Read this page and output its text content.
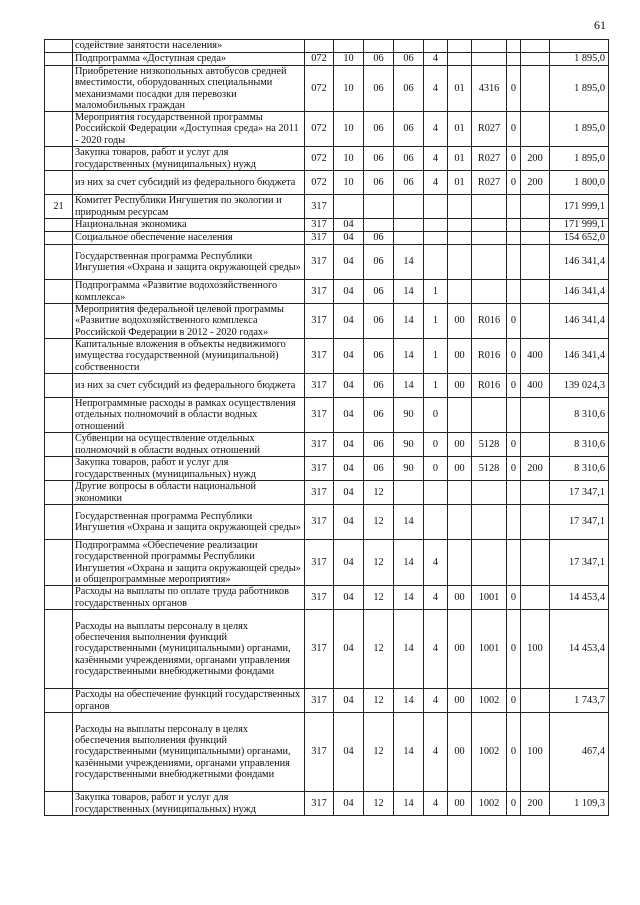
61
	содействие занятости населения»										
	Подпрограмма «Доступная среда»	072	10	06	06	4					1 895,0
	Приобретение низкопольных автобусов средней вместимости, оборудованных специальными механизмами посадки для перевозки маломобильных граждан	072	10	06	06	4	01	4316	0		1 895,0
	Мероприятия государственной программы Российской Федерации «Доступная среда» на 2011 - 2020 годы	072	10	06	06	4	01	R027	0		1 895,0
	Закупка товаров, работ и услуг для государственных (муниципальных) нужд	072	10	06	06	4	01	R027	0	200	1 895,0
	из них за счет субсидий из федерального бюджета	072	10	06	06	4	01	R027	0	200	1 800,0
21	Комитет Республики Ингушетия по экологии и природным ресурсам	317									171 999,1
	Национальная экономика	317	04								171 999,1
	Социальное обеспечение населения	317	04	06							154 652,0
	Государственная программа Республики Ингушетия «Охрана и защита окружающей среды»	317	04	06	14						146 341,4
	Подпрограмма «Развитие водохозяйственного комплекса»	317	04	06	14	1					146 341,4
	Мероприятия федеральной целевой программы «Развитие водохозяйственного комплекса Российской Федерации в 2012 - 2020 годах»	317	04	06	14	1	00	R016	0		146 341,4
	Капитальные вложения в объекты недвижимого имущества государственной (муниципальной) собственности	317	04	06	14	1	00	R016	0	400	146 341,4
	из них за счет субсидий из федерального бюджета	317	04	06	14	1	00	R016	0	400	139 024,3
	Непрограммные расходы в рамках осуществления отдельных полномочий в области водных отношений	317	04	06	90	0					8 310,6
	Субвенции на осуществление отдельных полномочий в области водных отношений	317	04	06	90	0	00	5128	0		8 310,6
	Закупка товаров, работ и услуг для государственных (муниципальных) нужд	317	04	06	90	0	00	5128	0	200	8 310,6
	Другие вопросы в области национальной экономики	317	04	12							17 347,1
	Государственная программа Республики Ингушетия «Охрана и защита окружающей среды»	317	04	12	14						17 347,1
	Подпрограмма «Обеспечение реализации государственной программы Республики Ингушетия «Охрана и защита окружающей среды» и общепрограммные мероприятия»	317	04	12	14	4					17 347,1
	Расходы на выплаты по оплате труда работников государственных органов	317	04	12	14	4	00	1001	0		14 453,4
	Расходы на выплаты персоналу в целях обеспечения выполнения функций государственными (муниципальными) органами, казёнными учреждениями, органами управления государственными внебюджетными фондами	317	04	12	14	4	00	1001	0	100	14 453,4
	Расходы на обеспечение функций государственных органов	317	04	12	14	4	00	1002	0		1 743,7
	Расходы на выплаты персоналу в целях обеспечения выполнения функций государственными (муниципальными) органами, казёнными учреждениями, органами управления государственными внебюджетными фондами	317	04	12	14	4	00	1002	0	100	467,4
	Закупка товаров, работ и услуг для государственных (муниципальных) нужд	317	04	12	14	4	00	1002	0	200	1 109,3
